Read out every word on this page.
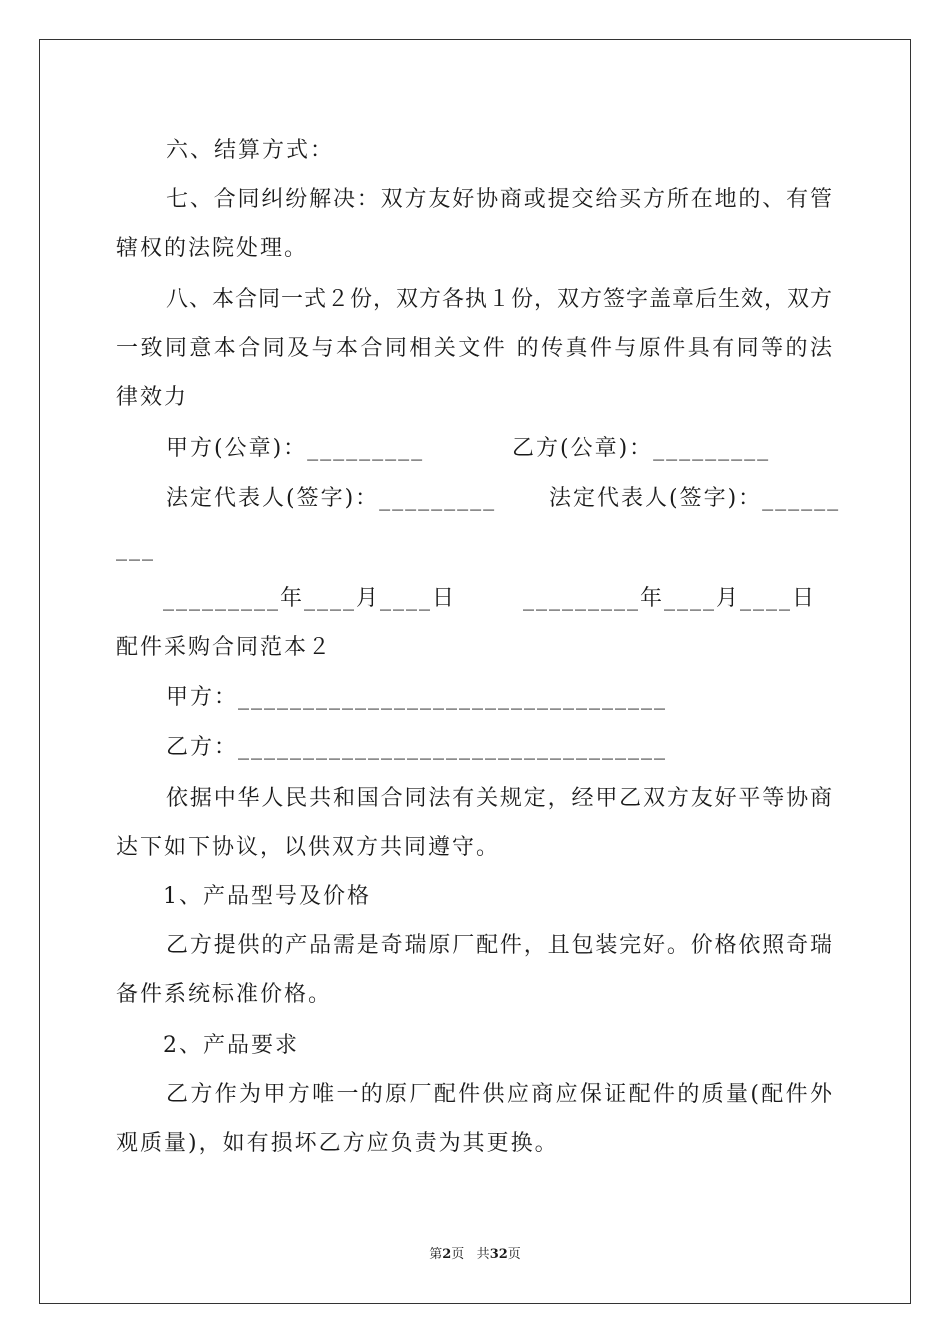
六、结算方式：
七、合同纠纷解决：双方友好协商或提交给买方所在地的、有管
辖权的法院处理。
八、本合同一式２份，双方各执１份，双方签字盖章后生效，双方
一致同意本合同及与本合同相关文件 的传真件与原件具有同等的法
律效力
甲方(公章)：_________	乙方(公章)：_________
法定代表人(签字)：_________ 法定代表人(签字)：______
___
_________年____月____日	_________年____月____日
配件采购合同范本２
甲方：_________________________________
乙方：_________________________________
依据中华人民共和国合同法有关规定，经甲乙双方友好平等协商
达下如下协议，以供双方共同遵守。
1、产品型号及价格
乙方提供的产品需是奇瑞原厂配件，且包装完好。价格依照奇瑞
备件系统标准价格。
2、产品要求
乙方作为甲方唯一的原厂配件供应商应保证配件的质量(配件外
观质量)，如有损坏乙方应负责为其更换。
第2页 共32页
